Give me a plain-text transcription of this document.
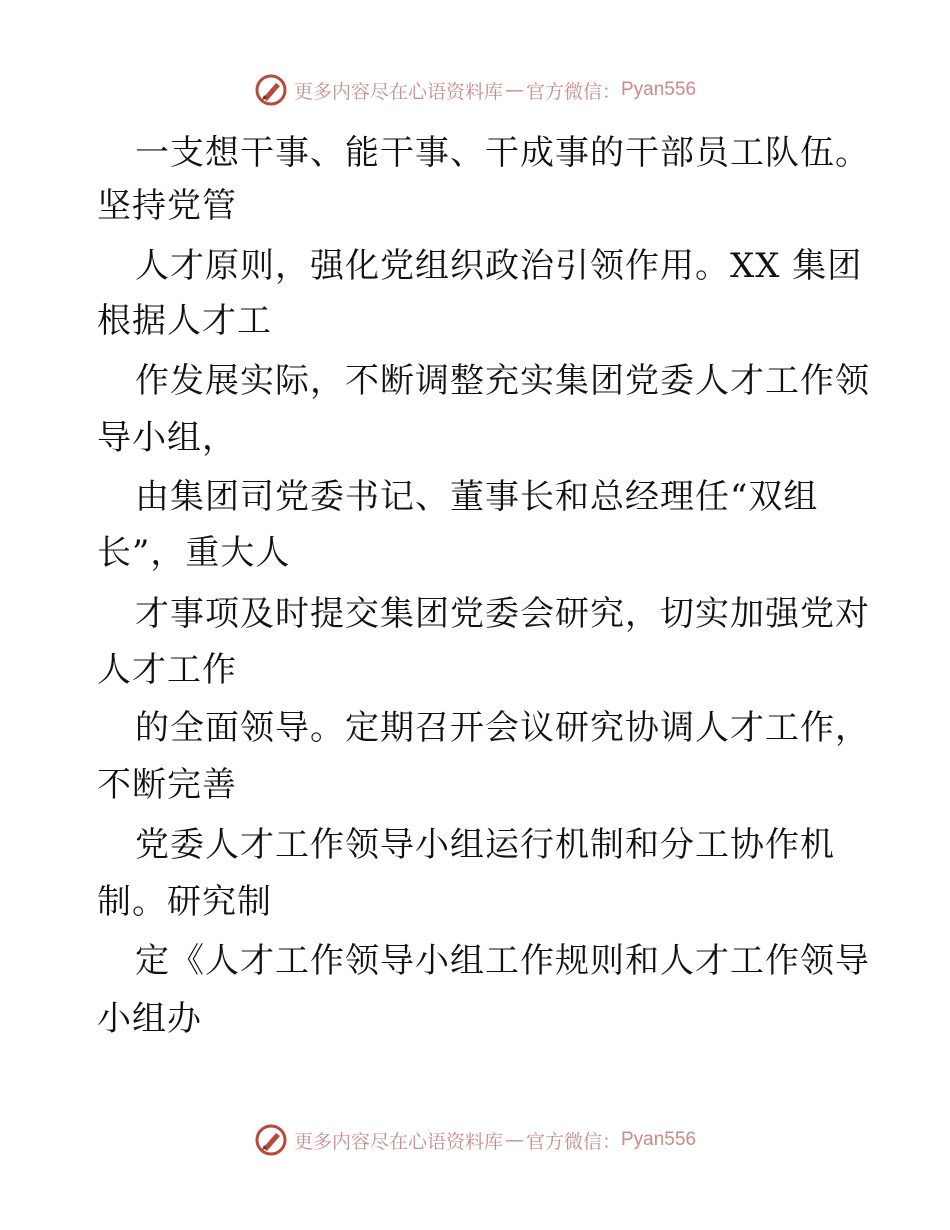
更多内容尽在心语资料库 — 官方微信： Pyan556
一支想干事、能干事、干成事的干部员工队伍。
坚持党管
人才原则，强化党组织政治引领作用。XX 集团
根据人才工
作发展实际，不断调整充实集团党委人才工作领
导小组，
由集团司党委书记、董事长和总经理任“双组
长”，重大人
才事项及时提交集团党委会研究，切实加强党对
人才工作
的全面领导。定期召开会议研究协调人才工作，
不断完善
党委人才工作领导小组运行机制和分工协作机
制。研究制
定《人才工作领导小组工作规则和人才工作领导
小组办
更多内容尽在心语资料库 — 官方微信： Pyan556
